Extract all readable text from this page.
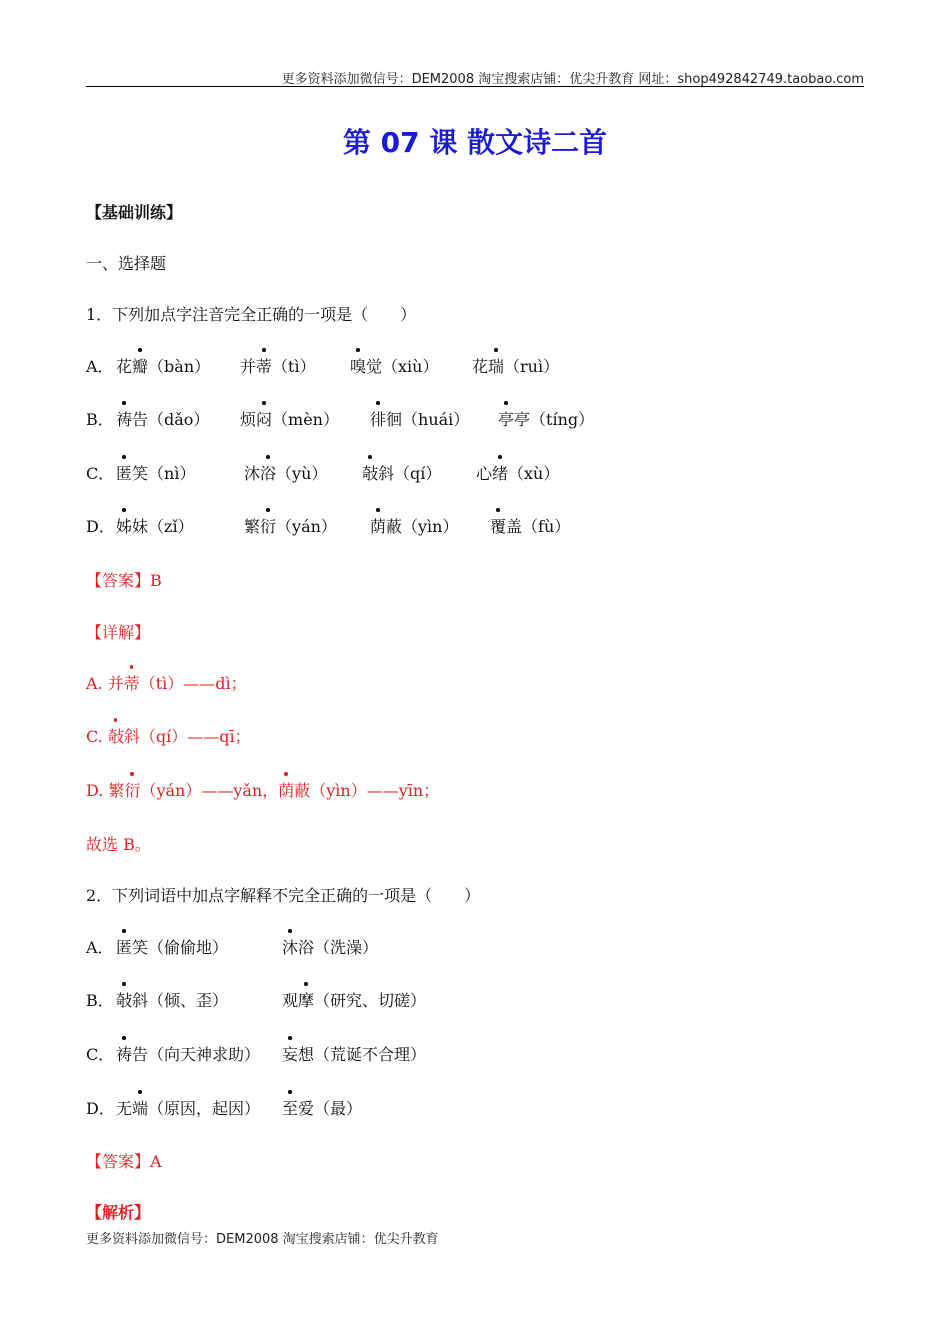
更多资料添加微信号：DEM2008 淘宝搜索店铺：优尖升教育 网址：shop492842749.taobao.com
第 07 课 散文诗二首
【基础训练】
一、选择题
1．下列加点字注音完全正确的一项是（　　）
A． 花瓣（bàn） 并蒂（tì） 嗅觉（xiù） 花瑞（ruì）
B． 祷告（dǎo） 烦闷（mèn） 徘徊（huái） 亭亭（tíng）
C． 匿笑（nì）	沐浴（yù） 敧斜（qí） 心绪（xù）
D． 姊妹（zǐ）	繁衍（yán） 荫蔽（yìn） 覆盖（fù）
【答案】B
【详解】
A. 并蒂（tì）——dì；
C. 敧斜（qí）——qī；
D. 繁衍（yán）——yǎn，荫蔽（yìn）——yīn；
故选 B。
2．下列词语中加点字解释不完全正确的一项是（　　）
A． 匿笑（偷偷地）	沐浴（洗澡）
B． 敧斜（倾、歪）	观摩（研究、切磋）
C． 祷告（向天神求助） 妄想（荒诞不合理）
D． 无端（原因，起因） 至爱（最）
【答案】A
【解析】
更多资料添加微信号：DEM2008 淘宝搜索店铺：优尖升教育
